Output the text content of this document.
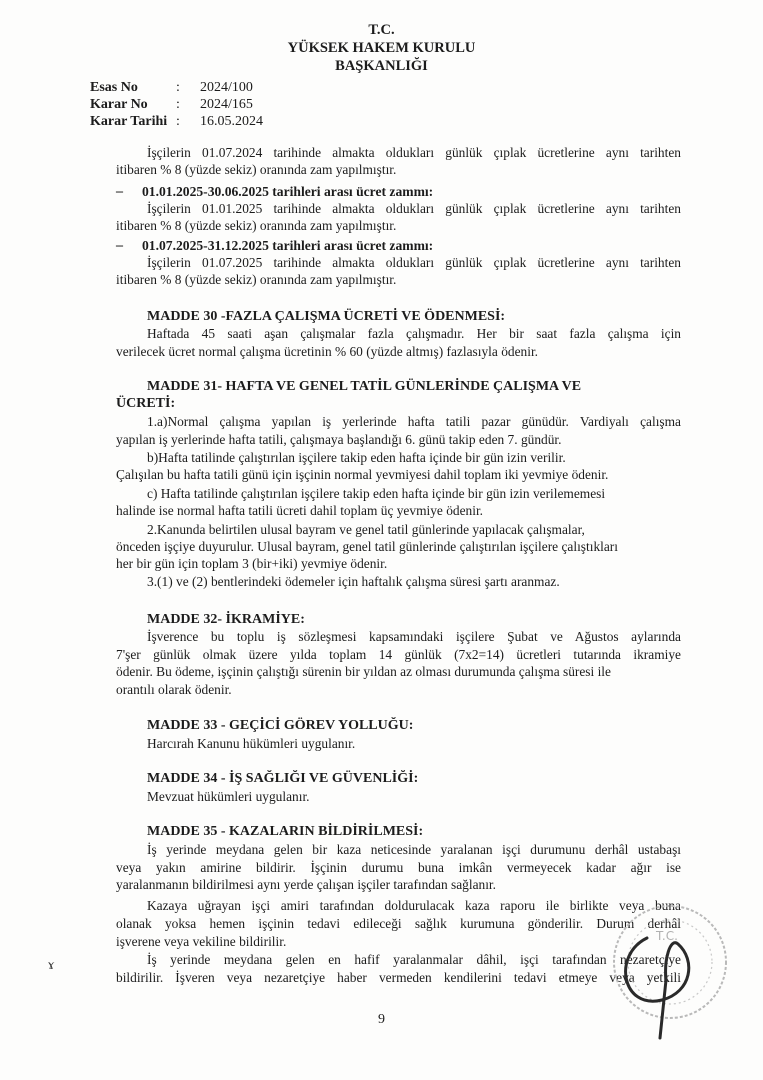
T.C.
YÜKSEK HAKEM KURULU
BAŞKANLIĞI
Esas No	: 2024/100
Karar No : 2024/165
Karar Tarihi : 16.05.2024
İşçilerin 01.07.2024 tarihinde almakta oldukları günlük çıplak ücretlerine aynı tarihten
itibaren % 8 (yüzde sekiz) oranında zam yapılmıştır.
– 01.01.2025-30.06.2025 tarihleri arası ücret zammı:
İşçilerin 01.01.2025 tarihinde almakta oldukları günlük çıplak ücretlerine aynı tarihten
itibaren % 8 (yüzde sekiz) oranında zam yapılmıştır.
– 01.07.2025-31.12.2025 tarihleri arası ücret zammı:
İşçilerin 01.07.2025 tarihinde almakta oldukları günlük çıplak ücretlerine aynı tarihten
itibaren % 8 (yüzde sekiz) oranında zam yapılmıştır.
MADDE 30 -FAZLA ÇALIŞMA ÜCRETİ VE ÖDENMESİ:
Haftada 45 saati aşan çalışmalar fazla çalışmadır. Her bir saat fazla çalışma için
verilecek ücret normal çalışma ücretinin % 60 (yüzde altmış) fazlasıyla ödenir.
MADDE 31- HAFTA VE GENEL TATİL GÜNLERİNDE ÇALIŞMA VE
ÜCRETİ:
1.a)Normal çalışma yapılan iş yerlerinde hafta tatili pazar günüdür. Vardiyalı çalışma
yapılan iş yerlerinde hafta tatili, çalışmaya başlandığı 6. günü takip eden 7. gündür.
b)Hafta tatilinde çalıştırılan işçilere takip eden hafta içinde bir gün izin verilir.
Çalışılan bu hafta tatili günü için işçinin normal yevmiyesi dahil toplam iki yevmiye ödenir.
c) Hafta tatilinde çalıştırılan işçilere takip eden hafta içinde bir gün izin verilememesi
halinde ise normal hafta tatili ücreti dahil toplam üç yevmiye ödenir.
2.Kanunda belirtilen ulusal bayram ve genel tatil günlerinde yapılacak çalışmalar,
önceden işçiye duyurulur. Ulusal bayram, genel tatil günlerinde çalıştırılan işçilere çalıştıkları
her bir gün için toplam 3 (bir+iki) yevmiye ödenir.
3.(1) ve (2) bentlerindeki ödemeler için haftalık çalışma süresi şartı aranmaz.
MADDE 32- İKRAMİYE:
İşverence bu toplu iş sözleşmesi kapsamındaki işçilere Şubat ve Ağustos aylarında
7'şer günlük olmak üzere yılda toplam 14 günlük (7x2=14) ücretleri tutarında ikramiye
ödenir. Bu ödeme, işçinin çalıştığı sürenin bir yıldan az olması durumunda çalışma süresi ile
orantılı olarak ödenir.
MADDE 33 - GEÇİCİ GÖREV YOLLUĞU:
Harcırah Kanunu hükümleri uygulanır.
MADDE 34 - İŞ SAĞLIĞI VE GÜVENLİĞİ:
Mevzuat hükümleri uygulanır.
MADDE 35 - KAZALARIN BİLDİRİLMESİ:
İş yerinde meydana gelen bir kaza neticesinde yaralanan işçi durumunu derhâl ustabaşı
veya yakın amirine bildirir. İşçinin durumu buna imkân vermeyecek kadar ağır ise
yaralanmanın bildirilmesi aynı yerde çalışan işçiler tarafından sağlanır.
Kazaya uğrayan işçi amiri tarafından doldurulacak kaza raporu ile birlikte veya buna
olanak yoksa hemen işçinin tedavi edileceği sağlık kurumuna gönderilir. Durum derhâl
işverene veya vekiline bildirilir.
İş yerinde meydana gelen en hafif yaralanmalar dâhil, işçi tarafından nezaretçiye
bildirilir. İşveren veya nezaretçiye haber vermeden kendilerini tedavi etmeye veya yetkili
ɤ
T.C.
9
